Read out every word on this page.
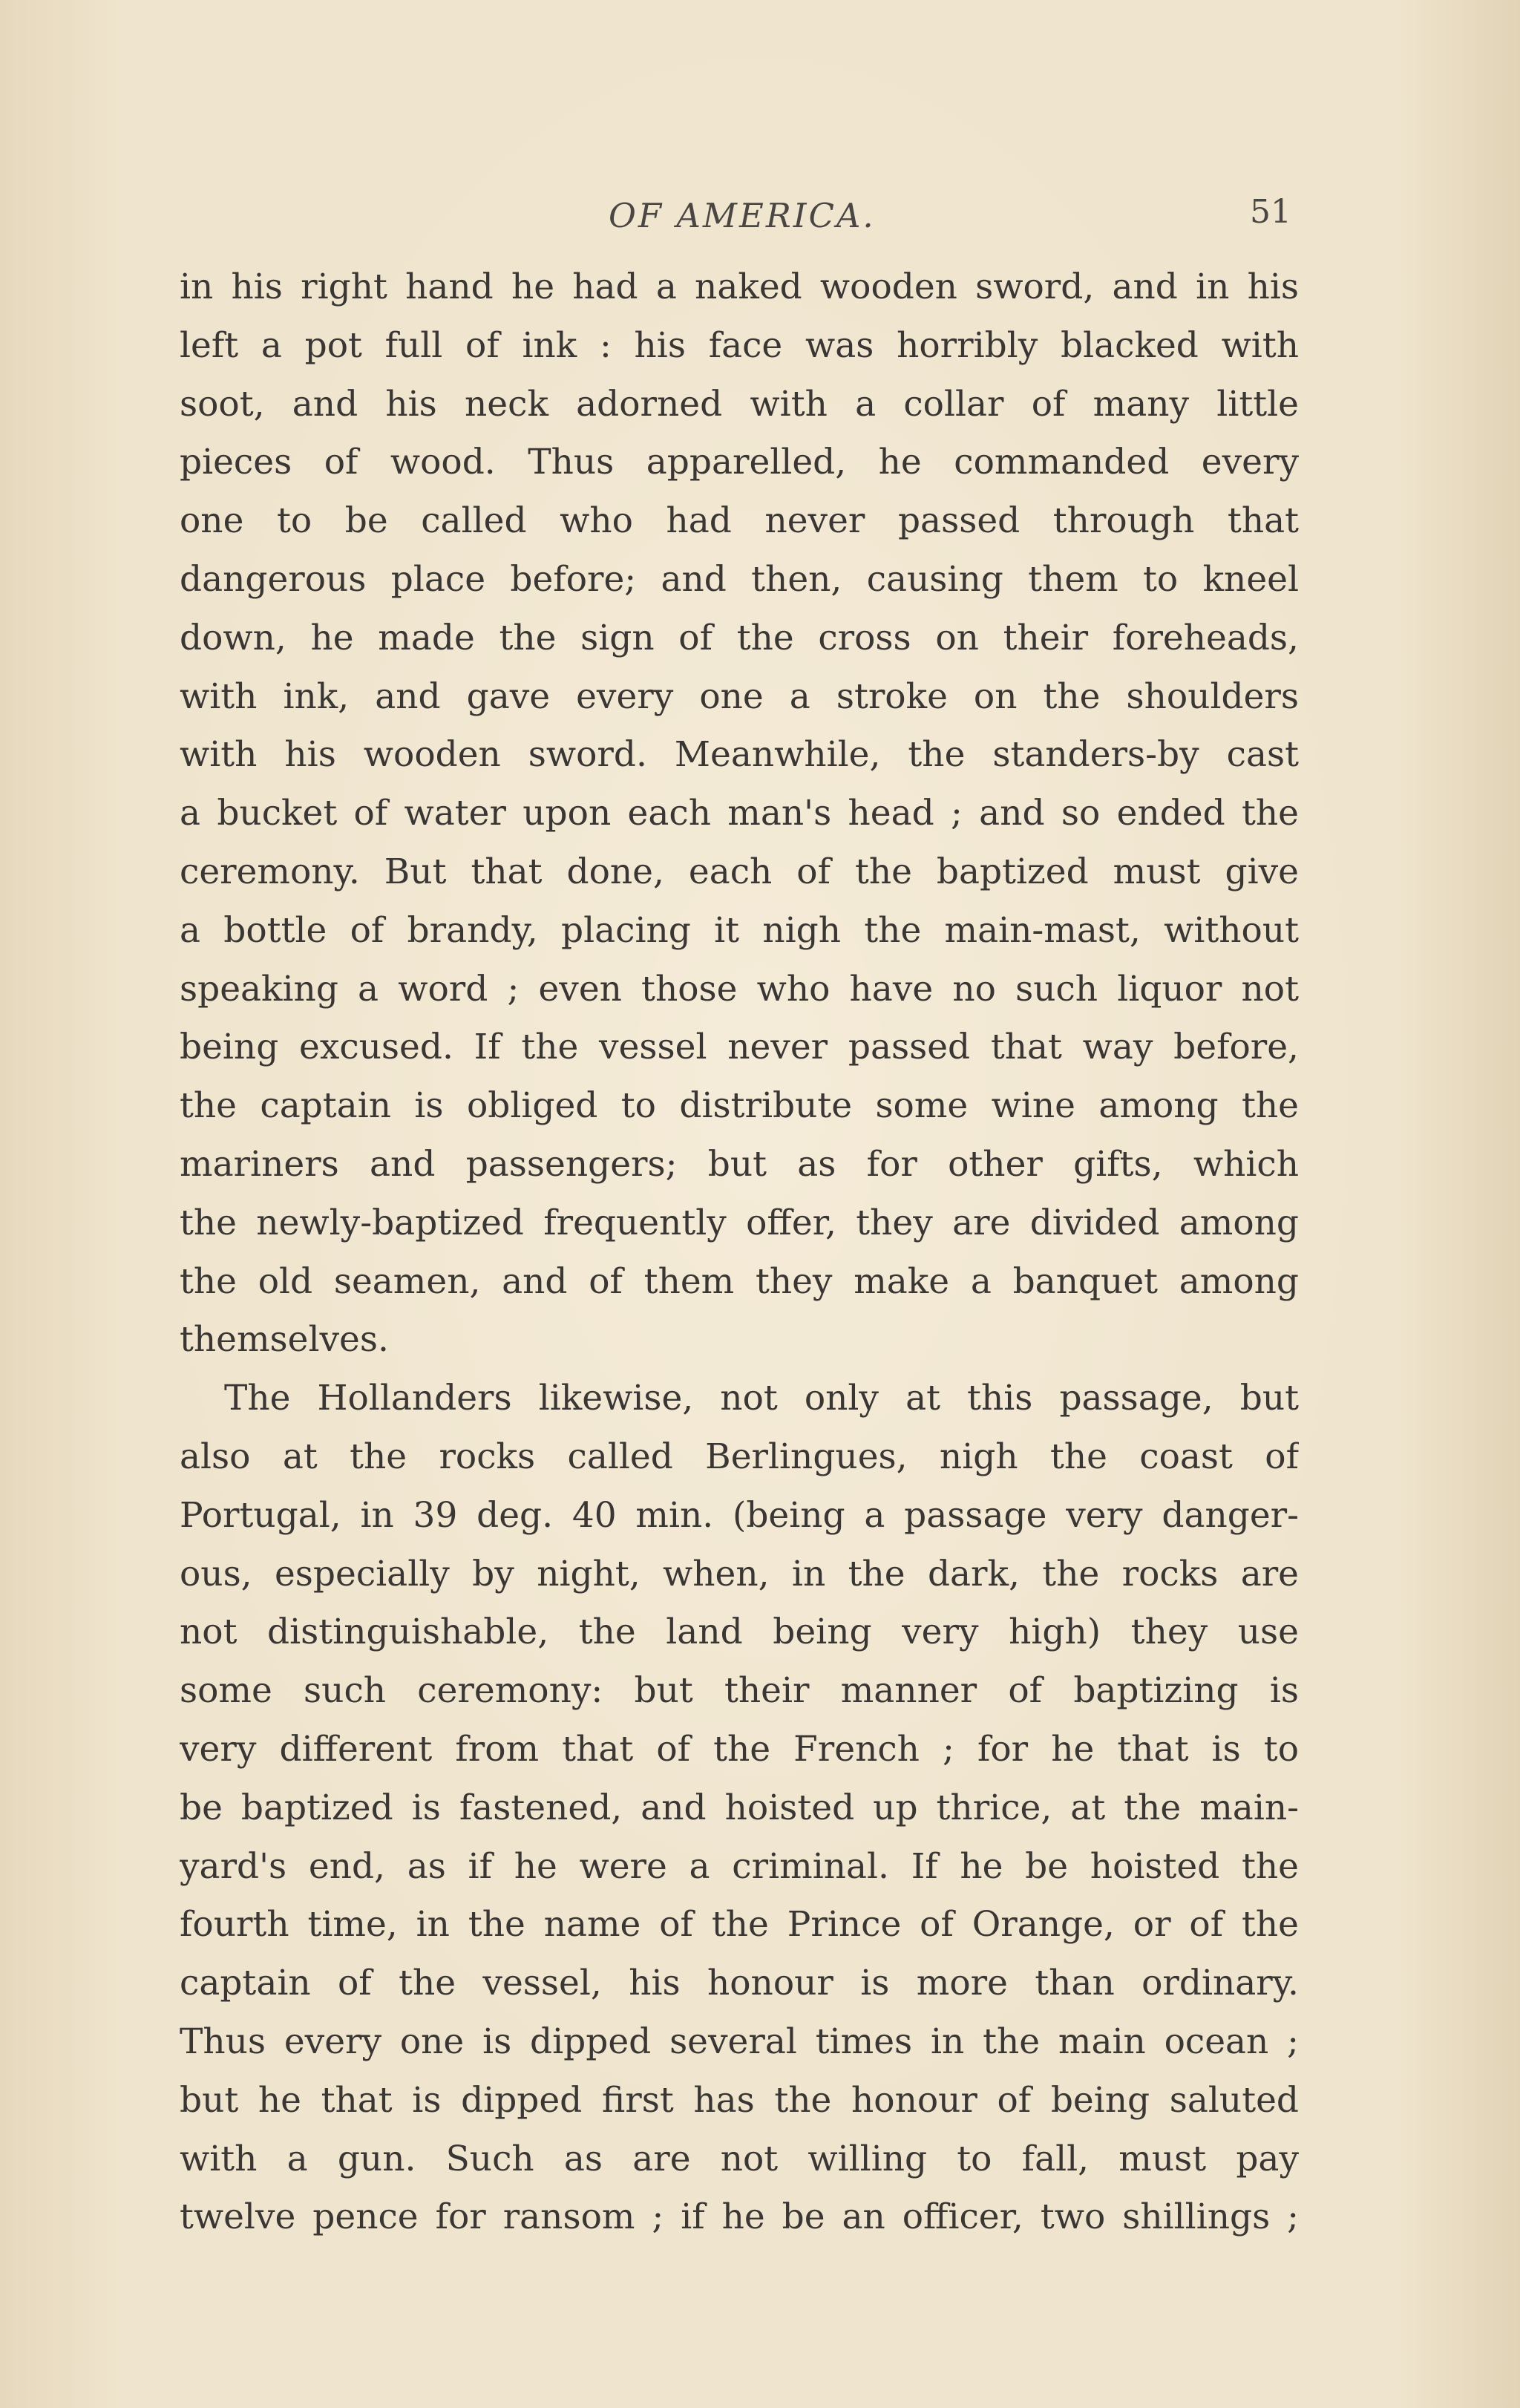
OF AMERICA.	51
in his right hand he had a naked wooden sword, and in his
left a pot full of ink : his face was horribly blacked with
soot, and his neck adorned with a collar of many little
pieces of wood. Thus apparelled, he commanded every
one to be called who had never passed through that
dangerous place before; and then, causing them to kneel
down, he made the sign of the cross on their foreheads,
with ink, and gave every one a stroke on the shoulders
with his wooden sword. Meanwhile, the standers-by cast
a bucket of water upon each man's head ; and so ended the
ceremony. But that done, each of the baptized must give
a bottle of brandy, placing it nigh the main-mast, without
speaking a word ; even those who have no such liquor not
being excused. If the vessel never passed that way before,
the captain is obliged to distribute some wine among the
mariners and passengers; but as for other gifts, which
the newly-baptized frequently offer, they are divided among
the old seamen, and of them they make a banquet among
themselves.
The Hollanders likewise, not only at this passage, but
also at the rocks called Berlingues, nigh the coast of
Portugal, in 39 deg. 40 min. (being a passage very danger-
ous, especially by night, when, in the dark, the rocks are
not distinguishable, the land being very high) they use
some such ceremony: but their manner of baptizing is
very different from that of the French ; for he that is to
be baptized is fastened, and hoisted up thrice, at the main-
yard's end, as if he were a criminal. If he be hoisted the
fourth time, in the name of the Prince of Orange, or of the
captain of the vessel, his honour is more than ordinary.
Thus every one is dipped several times in the main ocean ;
but he that is dipped first has the honour of being saluted
with a gun. Such as are not willing to fall, must pay
twelve pence for ransom ; if he be an officer, two shillings ;
